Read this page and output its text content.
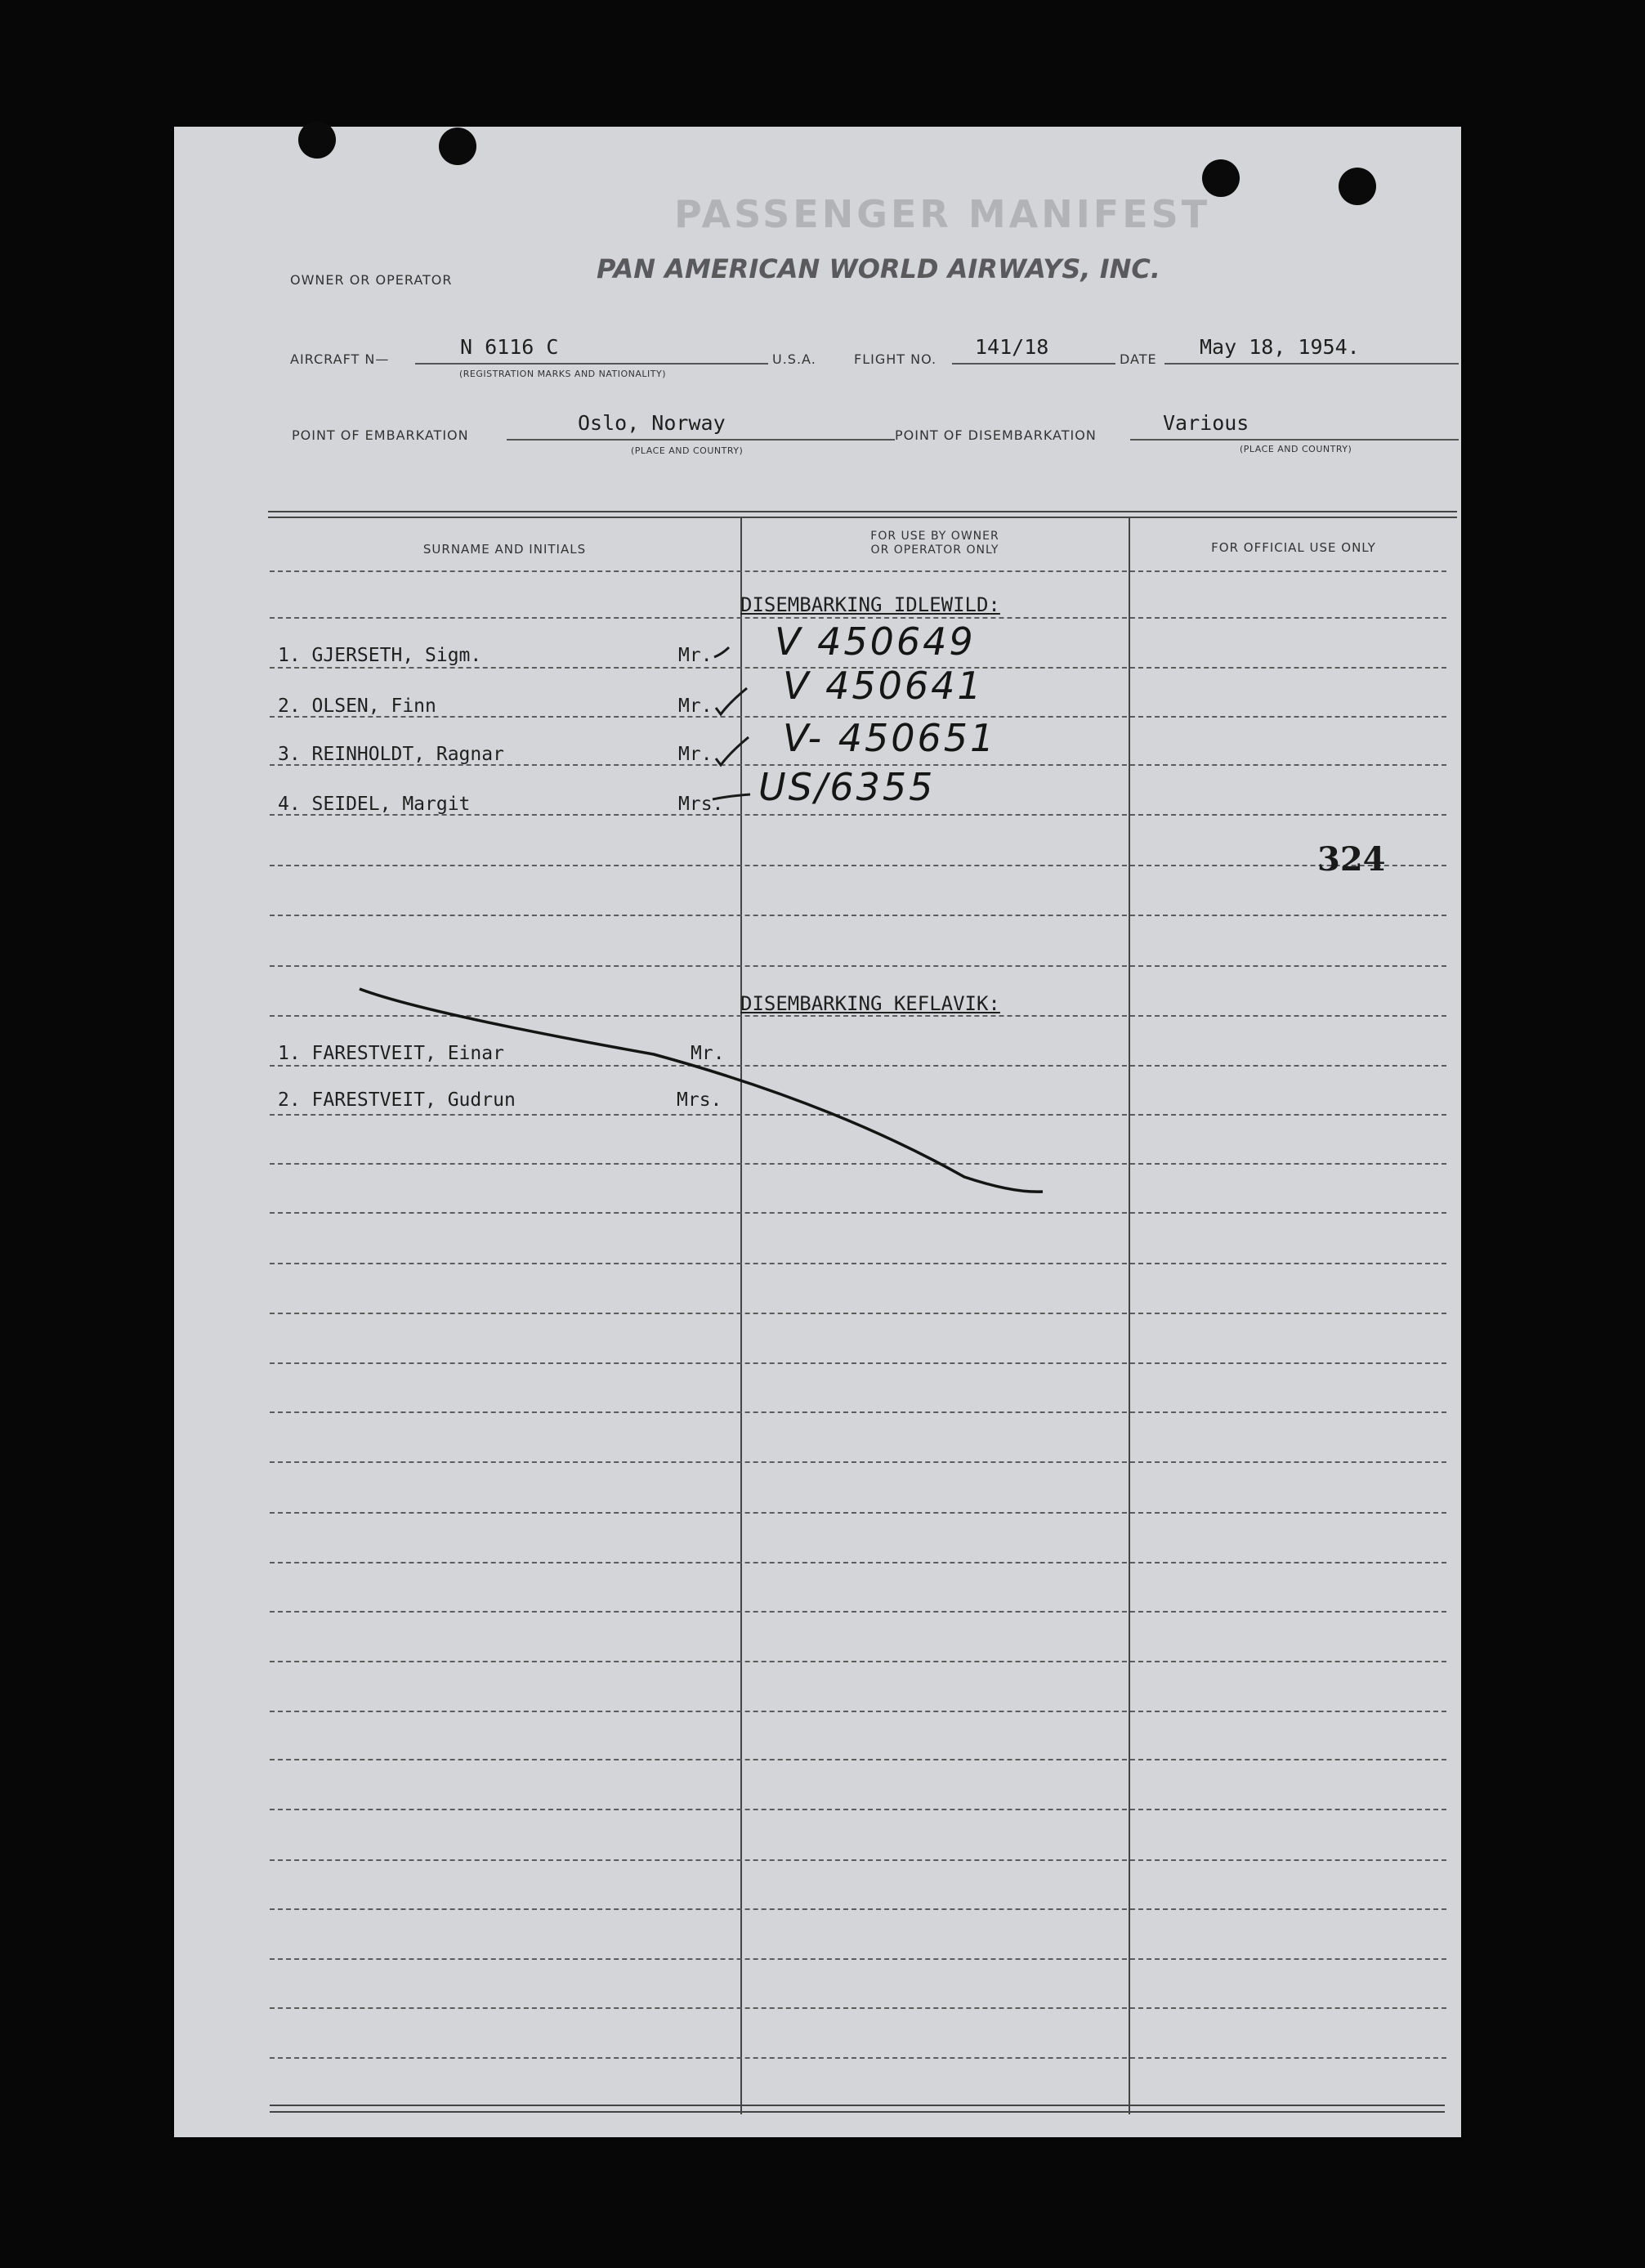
PASSENGER MANIFEST
PAN AMERICAN WORLD AIRWAYS, INC.
OWNER OR OPERATOR
AIRCRAFT N—
N 6116 C
(REGISTRATION MARKS AND NATIONALITY)
U.S.A.	FLIGHT NO.
141/18
DATE
May 18, 1954.
POINT OF EMBARKATION
Oslo, Norway
(PLACE AND COUNTRY)
POINT OF DISEMBARKATION
Various
(PLACE AND COUNTRY)
SURNAME AND INITIALS
FOR USE BY OWNER
OR OPERATOR ONLY	FOR OFFICIAL USE ONLY
DISEMBARKING IDLEWILD:
1. GJERSETH, Sigm.	Mr. V 450649
2. OLSEN, Finn	Mr. V 450641
3. REINHOLDT, Ragnar	Mr. V- 450651
4. SEIDEL, Margit	Mrs. US/6355
324
DISEMBARKING KEFLAVIK:
1. FARESTVEIT, Einar	Mr.
2. FARESTVEIT, Gudrun	Mrs.
